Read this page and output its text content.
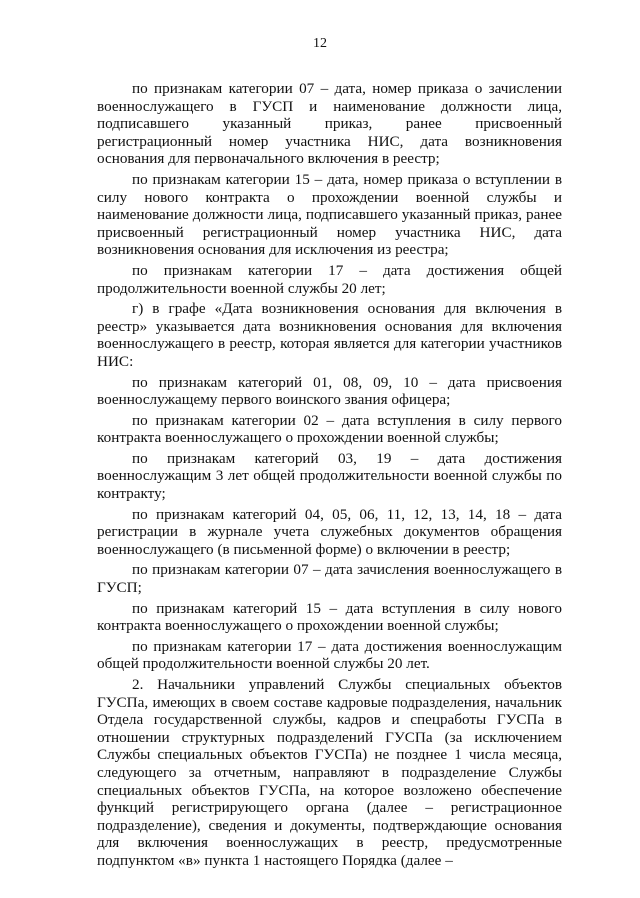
12

по признакам категории 07 – дата, номер приказа о зачислении военнослужащего в ГУСП и наименование должности лица, подписавшего указанный приказ, ранее присвоенный регистрационный номер участника НИС, дата возникновения основания для первоначального включения в реестр;

по признакам категории 15 – дата, номер приказа о вступлении в силу нового контракта о прохождении военной службы и наименование должности лица, подписавшего указанный приказ, ранее присвоенный регистрационный номер участника НИС, дата возникновения основания для исключения из реестра;

по признакам категории 17 – дата достижения общей продолжительности военной службы 20 лет;

г) в графе «Дата возникновения основания для включения в реестр» указывается дата возникновения основания для включения военнослужащего в реестр, которая является для категории участников НИС:

по признакам категорий 01, 08, 09, 10 – дата присвоения военнослужащему первого воинского звания офицера;

по признакам категории 02 – дата вступления в силу первого контракта военнослужащего о прохождении военной службы;

по признакам категорий 03, 19 – дата достижения военнослужащим 3 лет общей продолжительности военной службы по контракту;

по признакам категорий 04, 05, 06, 11, 12, 13, 14, 18 – дата регистрации в журнале учета служебных документов обращения военнослужащего (в письменной форме) о включении в реестр;

по признакам категории 07 – дата зачисления военнослужащего в ГУСП;

по признакам категорий 15 – дата вступления в силу нового контракта военнослужащего о прохождении военной службы;

по признакам категории 17 – дата достижения военнослужащим общей продолжительности военной службы 20 лет.

2. Начальники управлений Службы специальных объектов ГУСПа, имеющих в своем составе кадровые подразделения, начальник Отдела государственной службы, кадров и спецработы ГУСПа в отношении структурных подразделений ГУСПа (за исключением Службы специальных объектов ГУСПа) не позднее 1 числа месяца, следующего за отчетным, направляют в подразделение Службы специальных объектов ГУСПа, на которое возложено обеспечение функций регистрирующего органа (далее – регистрационное подразделение), сведения и документы, подтверждающие основания для включения военнослужащих в реестр, предусмотренные подпунктом «в» пункта 1 настоящего Порядка (далее –
